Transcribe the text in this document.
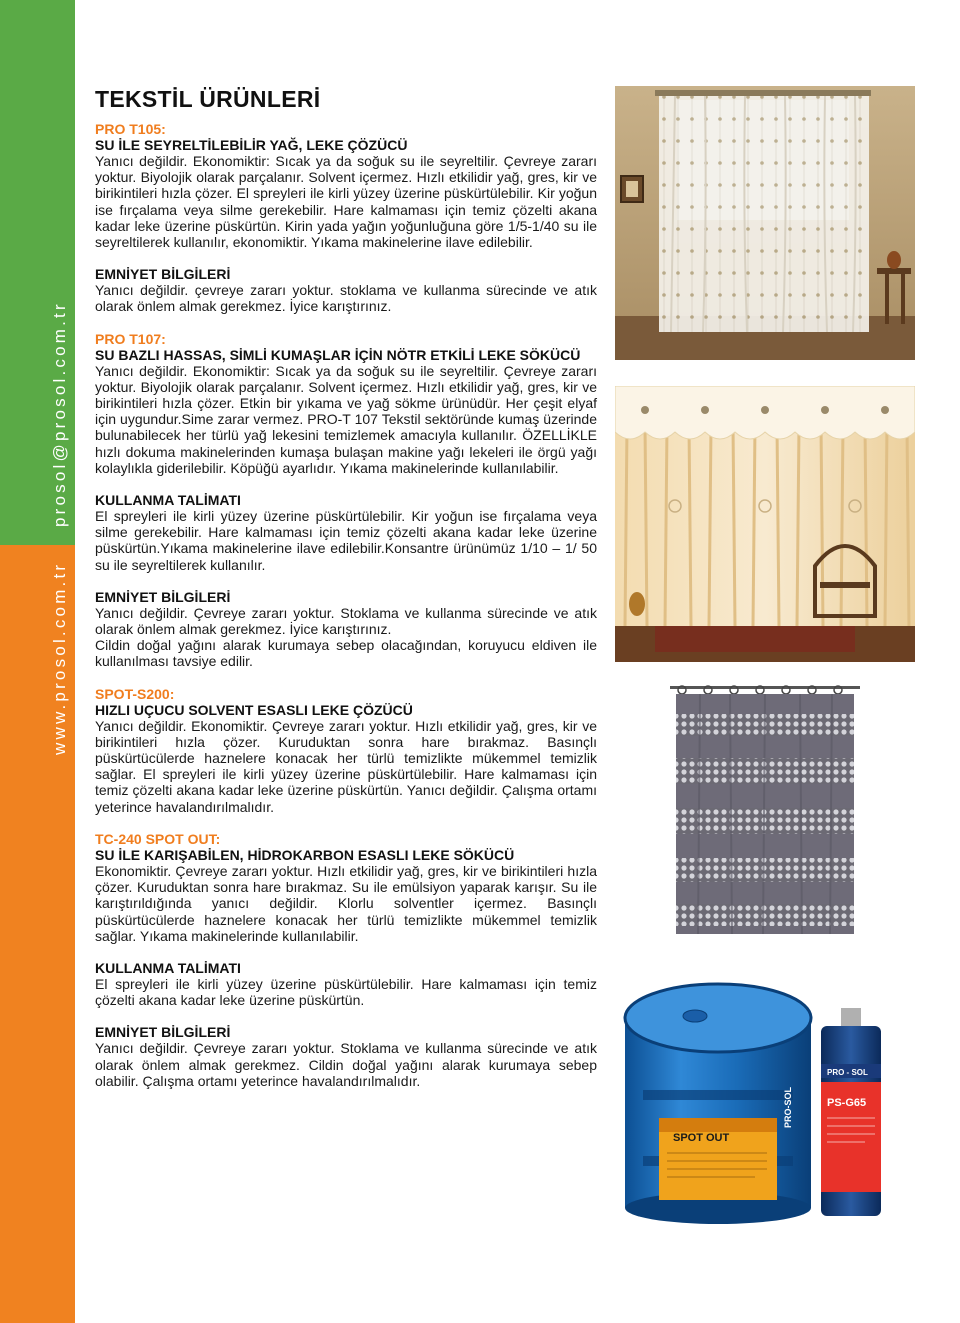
prosol@prosol.com.tr
www.prosol.com.tr
TEKSTİL ÜRÜNLERİ

PRO T105:

SU İLE SEYRELTİLEBİLİR YAĞ, LEKE ÇÖZÜCÜ

Yanıcı değildir. Ekonomiktir: Sıcak ya da soğuk su ile seyreltilir. Çevreye zararı yoktur. Biyolojik olarak parçalanır. Solvent içermez. Hızlı etkilidir yağ, gres, kir ve birikintileri hızla çözer. El spreyleri ile kirli yüzey üzerine püskürtülebilir. Kir yoğun ise fırçalama veya silme gerekebilir. Hare kalmaması için temiz çözelti akana kadar leke üzerine püskürtün. Kirin yada yağın yoğunluğuna göre 1/5-1/40 su ile seyreltilerek kullanılır, ekonomiktir. Yıkama makinelerine ilave edilebilir.

EMNİYET BİLGİLERİ

Yanıcı değildir. çevreye zararı yoktur. stoklama ve kullanma sürecinde ve atık olarak önlem almak gerekmez. İyice karıştırınız.

PRO T107:

SU BAZLI HASSAS, SİMLİ KUMAŞLAR İÇİN NÖTR ETKİLİ LEKE SÖKÜCÜ

Yanıcı değildir. Ekonomiktir: Sıcak ya da soğuk su ile seyreltilir. Çevreye zararı yoktur. Biyolojik olarak parçalanır. Solvent içermez. Hızlı etkilidir yağ, gres, kir ve birikintileri hızla çözer. Etkin bir yıkama ve yağ sökme ürünüdür. Her çeşit elyaf için uygundur.Sime zarar vermez. PRO-T 107 Tekstil sektöründe kumaş üzerinde bulunabilecek her türlü yağ lekesini temizlemek amacıyla kullanılır. ÖZELLİKLE hızlı dokuma makinelerinden kumaşa bulaşan makine yağı lekeleri ile örgü yağı kolaylıkla giderilebilir. Köpüğü ayarlıdır. Yıkama makinelerinde kullanılabilir.

KULLANMA TALİMATI

El spreyleri ile kirli yüzey üzerine püskürtülebilir. Kir yoğun ise fırçalama veya silme gerekebilir. Hare kalmaması için temiz çözelti akana kadar leke üzerine püskürtün.Yıkama makinelerine ilave edilebilir.Konsantre ürünümüz 1/10 – 1/ 50 su ile seyreltilerek kullanılır.

EMNİYET BİLGİLERİ

Yanıcı değildir. Çevreye zararı yoktur. Stoklama ve kullanma sürecinde ve atık olarak önlem almak gerekmez. İyice karıştırınız.

Cildin doğal yağını alarak kurumaya sebep olacağından, koruyucu eldiven ile kullanılması tavsiye edilir.

SPOT-S200:

HIZLI UÇUCU SOLVENT ESASLI LEKE ÇÖZÜCÜ

Yanıcı değildir. Ekonomiktir. Çevreye zararı yoktur. Hızlı etkilidir yağ, gres, kir ve birikintileri hızla çözer. Kuruduktan sonra hare bırakmaz. Basınçlı püskürtücülerde haznelere konacak her türlü temizlikte mükemmel temizlik sağlar. El spreyleri ile kirli yüzey üzerine püskürtülebilir. Hare kalmaması için temiz çözelti akana kadar leke üzerine püskürtün. Yanıcı değildir. Çalışma ortamı yeterince havalandırılmalıdır.

TC-240 SPOT OUT:

SU İLE KARIŞABİLEN, HİDROKARBON ESASLI LEKE SÖKÜCÜ

Ekonomiktir. Çevreye zararı yoktur. Hızlı etkilidir yağ, gres, kir ve birikintileri hızla çözer. Kuruduktan sonra hare bırakmaz. Su ile emülsiyon yaparak karışır. Su ile karıştırıldığında yanıcı değildir. Klorlu solventler içermez. Basınçlı püskürtücülerde haznelere konacak her türlü temizlikte mükemmel temizlik sağlar. Yıkama makinelerinde kullanılabilir.

KULLANMA TALİMATI

El spreyleri ile kirli yüzey üzerine püskürtülebilir. Hare kalmaması için temiz çözelti akana kadar leke üzerine püskürtün.

EMNİYET BİLGİLERİ

Yanıcı değildir. Çevreye zararı yoktur. Stoklama ve kullanma sürecinde ve atık olarak önlem almak gerekmez. Cildin doğal yağını alarak kurumaya sebep olabilir. Çalışma ortamı yeterince havalandırılmalıdır.

SPOT OUT
PRO-SOL
PRO - SOL
PS-G65
